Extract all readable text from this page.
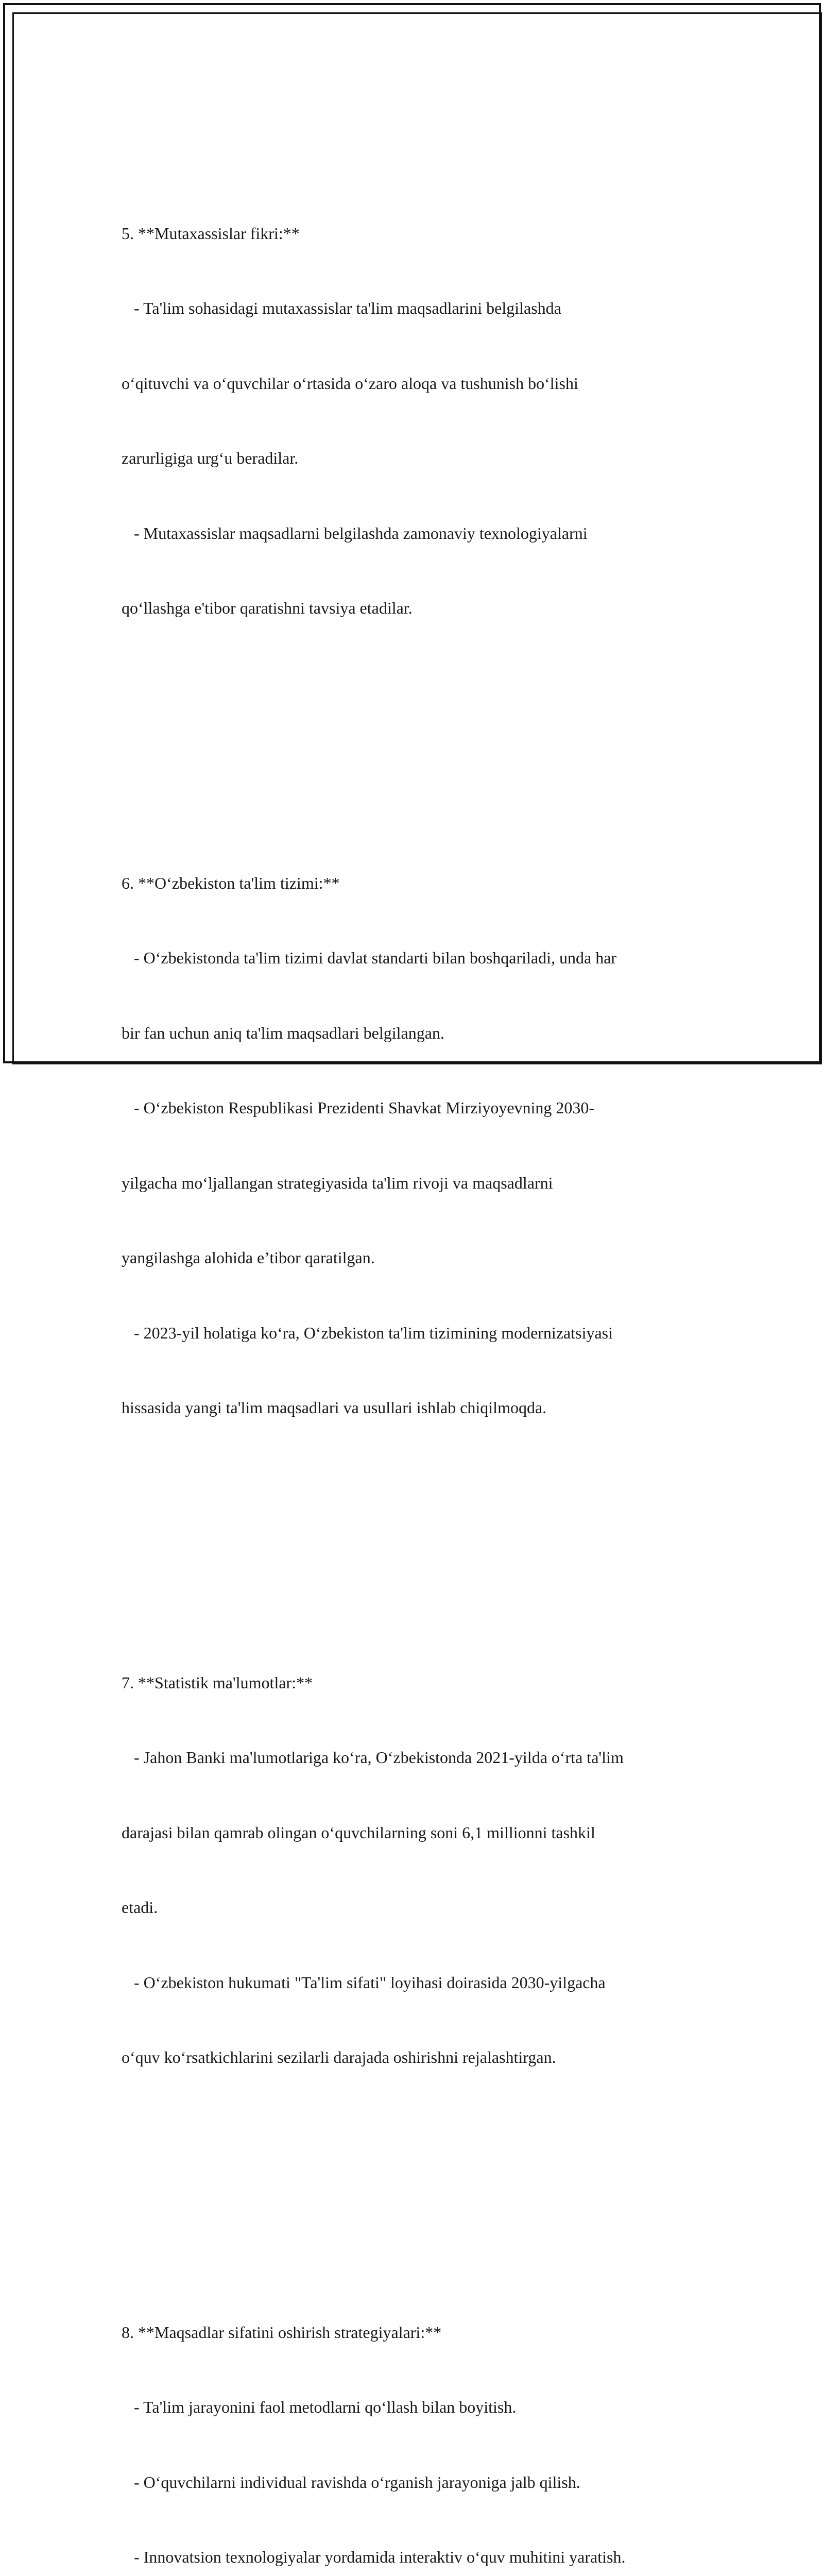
5. **Mutaxassislar fikri:**

- Ta'lim sohasidagi mutaxassislar ta'lim maqsadlarini belgilashda

o‘qituvchi va o‘quvchilar o‘rtasida o‘zaro aloqa va tushunish bo‘lishi

zarurligiga urg‘u beradilar.

- Mutaxassislar maqsadlarni belgilashda zamonaviy texnologiyalarni

qo‘llashga e'tibor qaratishni tavsiya etadilar.

6. **O‘zbekiston ta'lim tizimi:**

- O‘zbekistonda ta'lim tizimi davlat standarti bilan boshqariladi, unda har

bir fan uchun aniq ta'lim maqsadlari belgilangan.

- O‘zbekiston Respublikasi Prezidenti Shavkat Mirziyoyevning 2030-

yilgacha mo‘ljallangan strategiyasida ta'lim rivoji va maqsadlarni

yangilashga alohida e’tibor qaratilgan.

- 2023-yil holatiga ko‘ra, O‘zbekiston ta'lim tizimining modernizatsiyasi

hissasida yangi ta'lim maqsadlari va usullari ishlab chiqilmoqda.

7. **Statistik ma'lumotlar:**

- Jahon Banki ma'lumotlariga ko‘ra, O‘zbekistonda 2021-yilda o‘rta ta'lim

darajasi bilan qamrab olingan o‘quvchilarning soni 6,1 millionni tashkil

etadi.

- O‘zbekiston hukumati "Ta'lim sifati" loyihasi doirasida 2030-yilgacha

o‘quv ko‘rsatkichlarini sezilarli darajada oshirishni rejalashtirgan.

8. **Maqsadlar sifatini oshirish strategiyalari:**

- Ta'lim jarayonini faol metodlarni qo‘llash bilan boyitish.

- O‘quvchilarni individual ravishda o‘rganish jarayoniga jalb qilish.

- Innovatsion texnologiyalar yordamida interaktiv o‘quv muhitini yaratish.
